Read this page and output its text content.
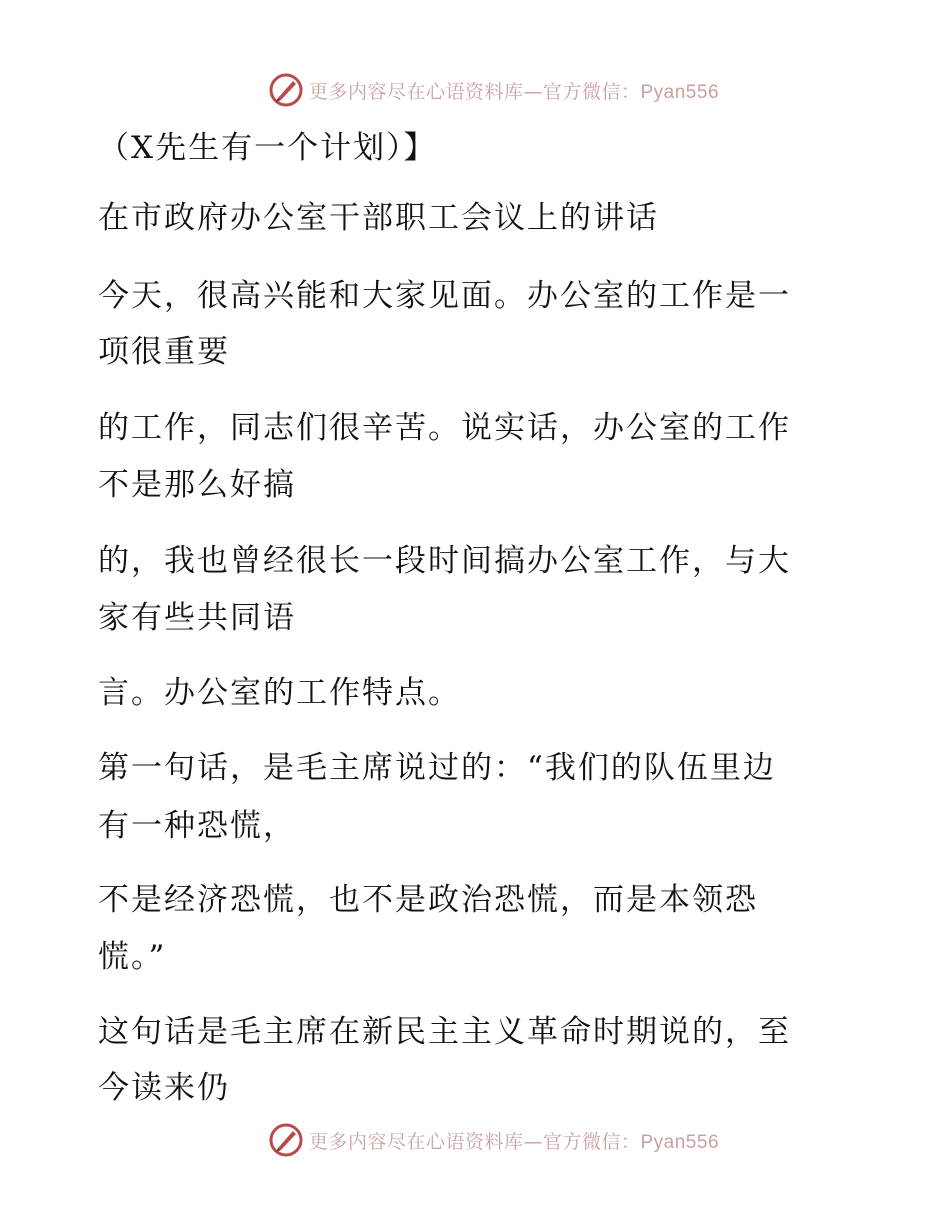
更多内容尽在心语资料库—官方微信：Pyan556
（X先生有一个计划）】
在市政府办公室干部职工会议上的讲话
今天，很高兴能和大家见面。办公室的工作是一
项很重要
的工作，同志们很辛苦。说实话，办公室的工作
不是那么好搞
的，我也曾经很长一段时间搞办公室工作，与大
家有些共同语
言。办公室的工作特点。
第一句话，是毛主席说过的：“我们的队伍里边
有一种恐慌，
不是经济恐慌，也不是政治恐慌，而是本领恐
慌。”
这句话是毛主席在新民主主义革命时期说的，至
今读来仍
更多内容尽在心语资料库—官方微信：Pyan556
